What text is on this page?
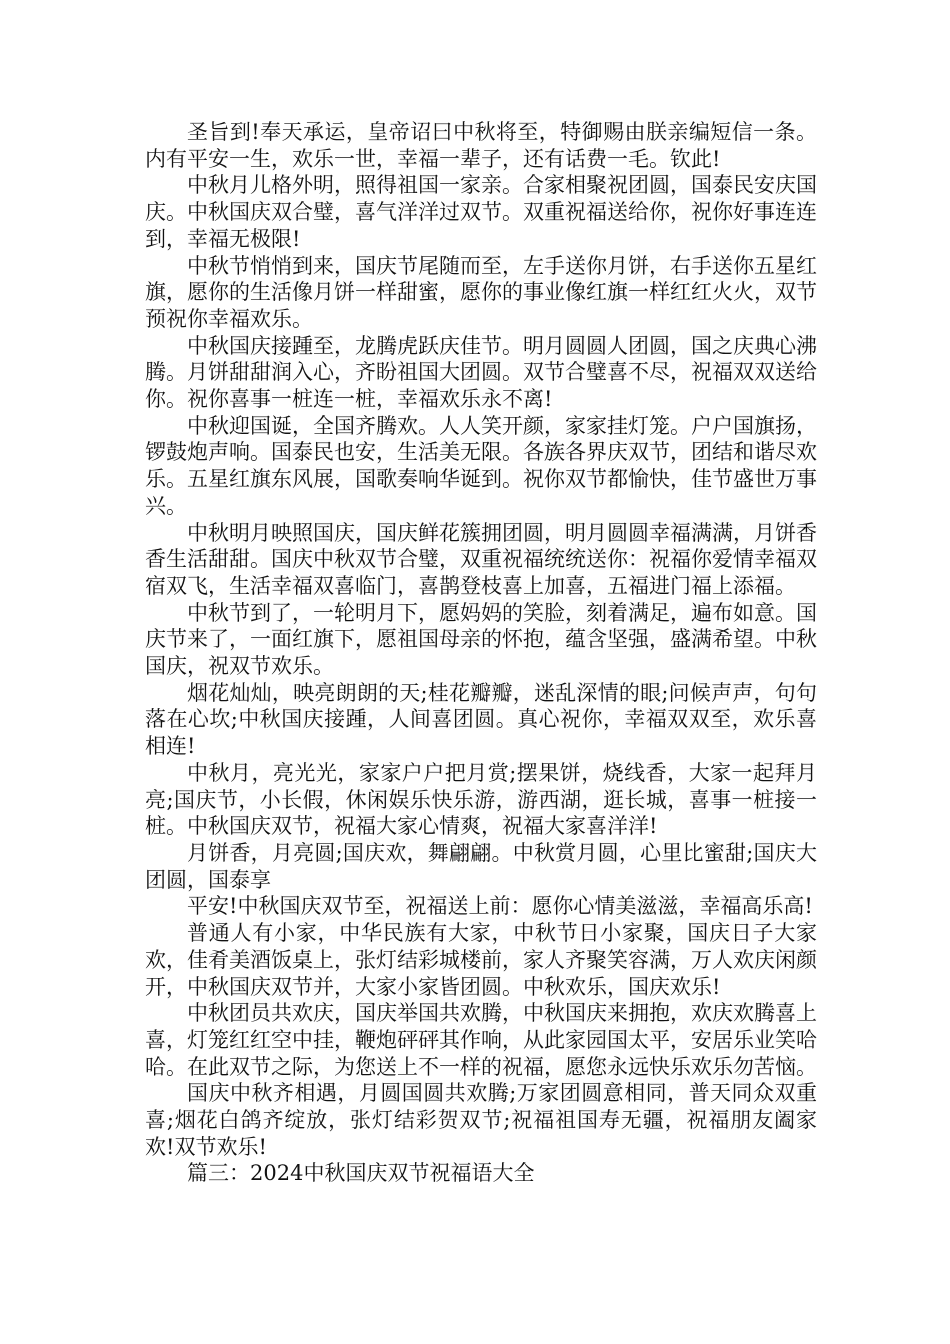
圣旨到!奉天承运，皇帝诏曰中秋将至，特御赐由朕亲编短信一条。内有平安一生，欢乐一世，幸福一辈子，还有话费一毛。钦此!

中秋月儿格外明，照得祖国一家亲。合家相聚祝团圆，国泰民安庆国庆。中秋国庆双合璧，喜气洋洋过双节。双重祝福送给你，祝你好事连连到，幸福无极限!

中秋节悄悄到来，国庆节尾随而至，左手送你月饼，右手送你五星红旗，愿你的生活像月饼一样甜蜜，愿你的事业像红旗一样红红火火，双节预祝你幸福欢乐。

中秋国庆接踵至，龙腾虎跃庆佳节。明月圆圆人团圆，国之庆典心沸腾。月饼甜甜润入心，齐盼祖国大团圆。双节合璧喜不尽，祝福双双送给你。祝你喜事一桩连一桩，幸福欢乐永不离!

中秋迎国诞，全国齐腾欢。人人笑开颜，家家挂灯笼。户户国旗扬，锣鼓炮声响。国泰民也安，生活美无限。各族各界庆双节，团结和谐尽欢乐。五星红旗东风展，国歌奏响华诞到。祝你双节都愉快，佳节盛世万事兴。

中秋明月映照国庆，国庆鲜花簇拥团圆，明月圆圆幸福满满，月饼香香生活甜甜。国庆中秋双节合璧，双重祝福统统送你：祝福你爱情幸福双宿双飞，生活幸福双喜临门，喜鹊登枝喜上加喜，五福进门福上添福。

中秋节到了，一轮明月下，愿妈妈的笑脸，刻着满足，遍布如意。国庆节来了，一面红旗下，愿祖国母亲的怀抱，蕴含坚强，盛满希望。中秋国庆，祝双节欢乐。

烟花灿灿，映亮朗朗的天;桂花瓣瓣，迷乱深情的眼;问候声声，句句落在心坎;中秋国庆接踵，人间喜团圆。真心祝你，幸福双双至，欢乐喜相连!

中秋月，亮光光，家家户户把月赏;摆果饼，烧线香，大家一起拜月亮;国庆节，小长假，休闲娱乐快乐游，游西湖，逛长城，喜事一桩接一桩。中秋国庆双节，祝福大家心情爽，祝福大家喜洋洋!

月饼香，月亮圆;国庆欢，舞翩翩。中秋赏月圆，心里比蜜甜;国庆大团圆，国泰享

平安!中秋国庆双节至，祝福送上前：愿你心情美滋滋，幸福高乐高!

普通人有小家，中华民族有大家，中秋节日小家聚，国庆日子大家欢，佳肴美酒饭桌上，张灯结彩城楼前，家人齐聚笑容满，万人欢庆闲颜开，中秋国庆双节并，大家小家皆团圆。中秋欢乐，国庆欢乐!

中秋团员共欢庆，国庆举国共欢腾，中秋国庆来拥抱，欢庆欢腾喜上喜，灯笼红红空中挂，鞭炮砰砰其作响，从此家园国太平，安居乐业笑哈哈。在此双节之际，为您送上不一样的祝福，愿您永远快乐欢乐勿苦恼。

国庆中秋齐相遇，月圆国圆共欢腾;万家团圆意相同，普天同众双重喜;烟花白鸽齐绽放，张灯结彩贺双节;祝福祖国寿无疆，祝福朋友阖家欢!双节欢乐!

篇三：2024中秋国庆双节祝福语大全
